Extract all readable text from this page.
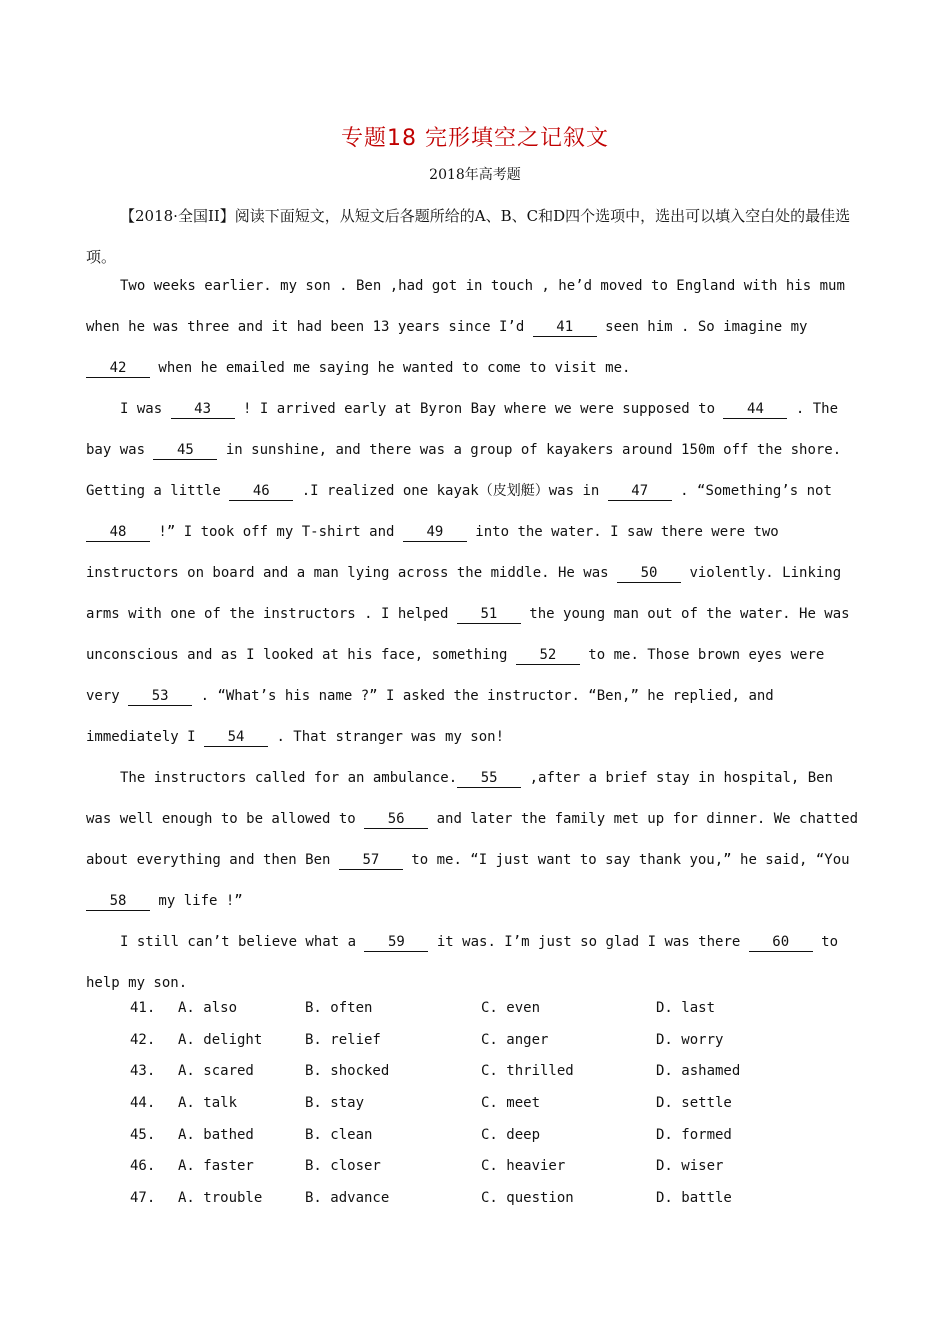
专题18 完形填空之记叙文
2018年高考题
【2018·全国II】阅读下面短文，从短文后各题所给的A、B、C和D四个选项中，选出可以填入空白处的最佳选项。

Two weeks earlier. my son . Ben ,had got in touch , he’d moved to England with his mum when he was three and it had been 13 years since I’d 41 seen him . So imagine my 42 when he emailed me saying he wanted to come to visit me.

I was 43 ! I arrived early at Byron Bay where we were supposed to 44 . The bay was 45 in sunshine, and there was a group of kayakers around 150m off the shore. Getting a little 46 .I realized one kayak（皮划艇）was in 47 . “Something’s not 48 !” I took off my T-shirt and 49 into the water. I saw there were two instructors on board and a man lying across the middle. He was 50 violently. Linking arms with one of the instructors . I helped 51 the young man out of the water. He was unconscious and as I looked at his face, something 52 to me. Those brown eyes were very 53 . “What’s his name ?” I asked the instructor. “Ben,” he replied, and immediately I 54 . That stranger was my son!

The instructors called for an ambulance. 55 ,after a brief stay in hospital, Ben was well enough to be allowed to 56 and later the family met up for dinner. We chatted about everything and then Ben 57 to me. “I just want to say thank you,” he said, “You 58 my life !”

I still can’t believe what a 59 it was. I’m just so glad I was there 60 to help my son.

41. A. also	B. often	C. even	D. last
42. A. delight	B. relief	C. anger	D. worry
43. A. scared	B. shocked	C. thrilled	D. ashamed
44. A. talk	B. stay	C. meet	D. settle
45. A. bathed	B. clean	C. deep	D. formed
46. A. faster	B. closer	C. heavier	D. wiser
47. A. trouble	B. advance	C. question	D. battle
